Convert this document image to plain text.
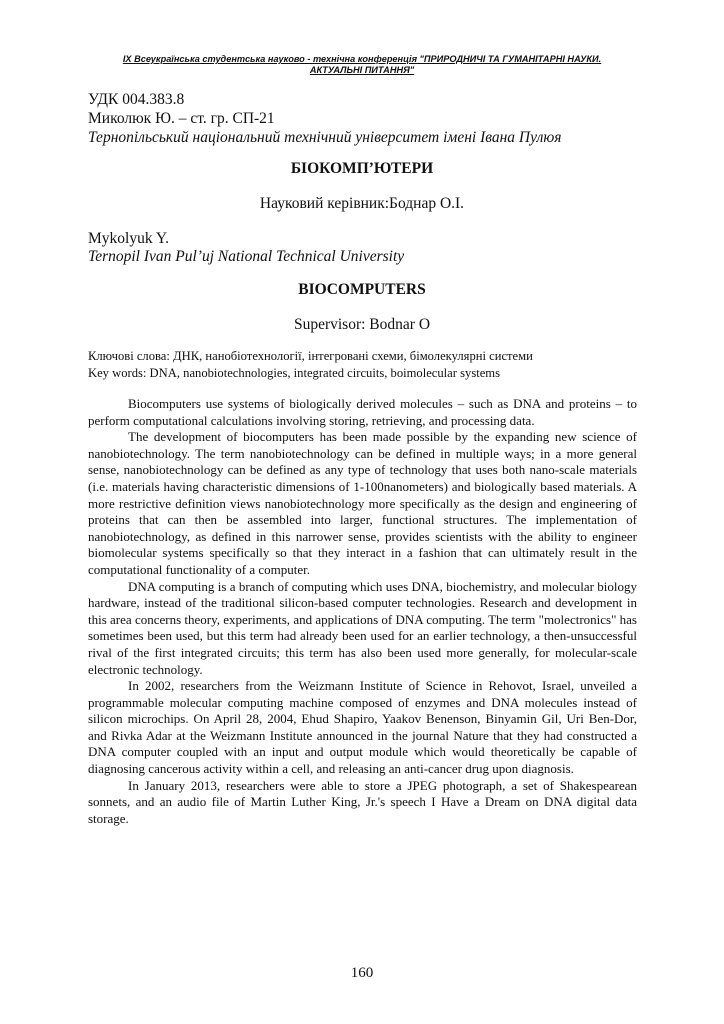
IX Всеукраїнська студентська науково - технічна конференція "ПРИРОДНИЧІ ТА ГУМАНІТАРНІ НАУКИ.
АКТУАЛЬНІ ПИТАННЯ"
УДК 004.383.8
Миколюк Ю. – ст. гр. СП-21
Тернопільський національний технічний університет імені Івана Пулюя
БІОКОМП’ЮТЕРИ
Науковий керівник:Боднар О.І.
Mykolyuk Y.
Ternopil Ivan Pul’uj National Technical University
BIOCOMPUTERS
Supervisor: Bodnar O
Ключові слова: ДНК, нанобіотехнології, інтегровані схеми, бімолекулярні системи
Key words: DNA, nanobiotechnologies, integrated circuits, boimolecular systems

Biocomputers use systems of biologically derived molecules – such as DNA and proteins – to perform computational calculations involving storing, retrieving, and processing data.

The development of biocomputers has been made possible by the expanding new science of nanobiotechnology. The term nanobiotechnology can be defined in multiple ways; in a more general sense, nanobiotechnology can be defined as any type of technology that uses both nano-scale materials (i.e. materials having characteristic dimensions of 1-100nanometers) and biologically based materials. A more restrictive definition views nanobiotechnology more specifically as the design and engineering of proteins that can then be assembled into larger, functional structures. The implementation of nanobiotechnology, as defined in this narrower sense, provides scientists with the ability to engineer biomolecular systems specifically so that they interact in a fashion that can ultimately result in the computational functionality of a computer.

DNA computing is a branch of computing which uses DNA, biochemistry, and molecular biology hardware, instead of the traditional silicon-based computer technologies. Research and development in this area concerns theory, experiments, and applications of DNA computing. The term "molectronics" has sometimes been used, but this term had already been used for an earlier technology, a then-unsuccessful rival of the first integrated circuits; this term has also been used more generally, for molecular-scale electronic technology.

In 2002, researchers from the Weizmann Institute of Science in Rehovot, Israel, unveiled a programmable molecular computing machine composed of enzymes and DNA molecules instead of silicon microchips. On April 28, 2004, Ehud Shapiro, Yaakov Benenson, Binyamin Gil, Uri Ben-Dor, and Rivka Adar at the Weizmann Institute announced in the journal Nature that they had constructed a DNA computer coupled with an input and output module which would theoretically be capable of diagnosing cancerous activity within a cell, and releasing an anti-cancer drug upon diagnosis.

In January 2013, researchers were able to store a JPEG photograph, a set of Shakespearean sonnets, and an audio file of Martin Luther King, Jr.'s speech I Have a Dream on DNA digital data storage.

160
